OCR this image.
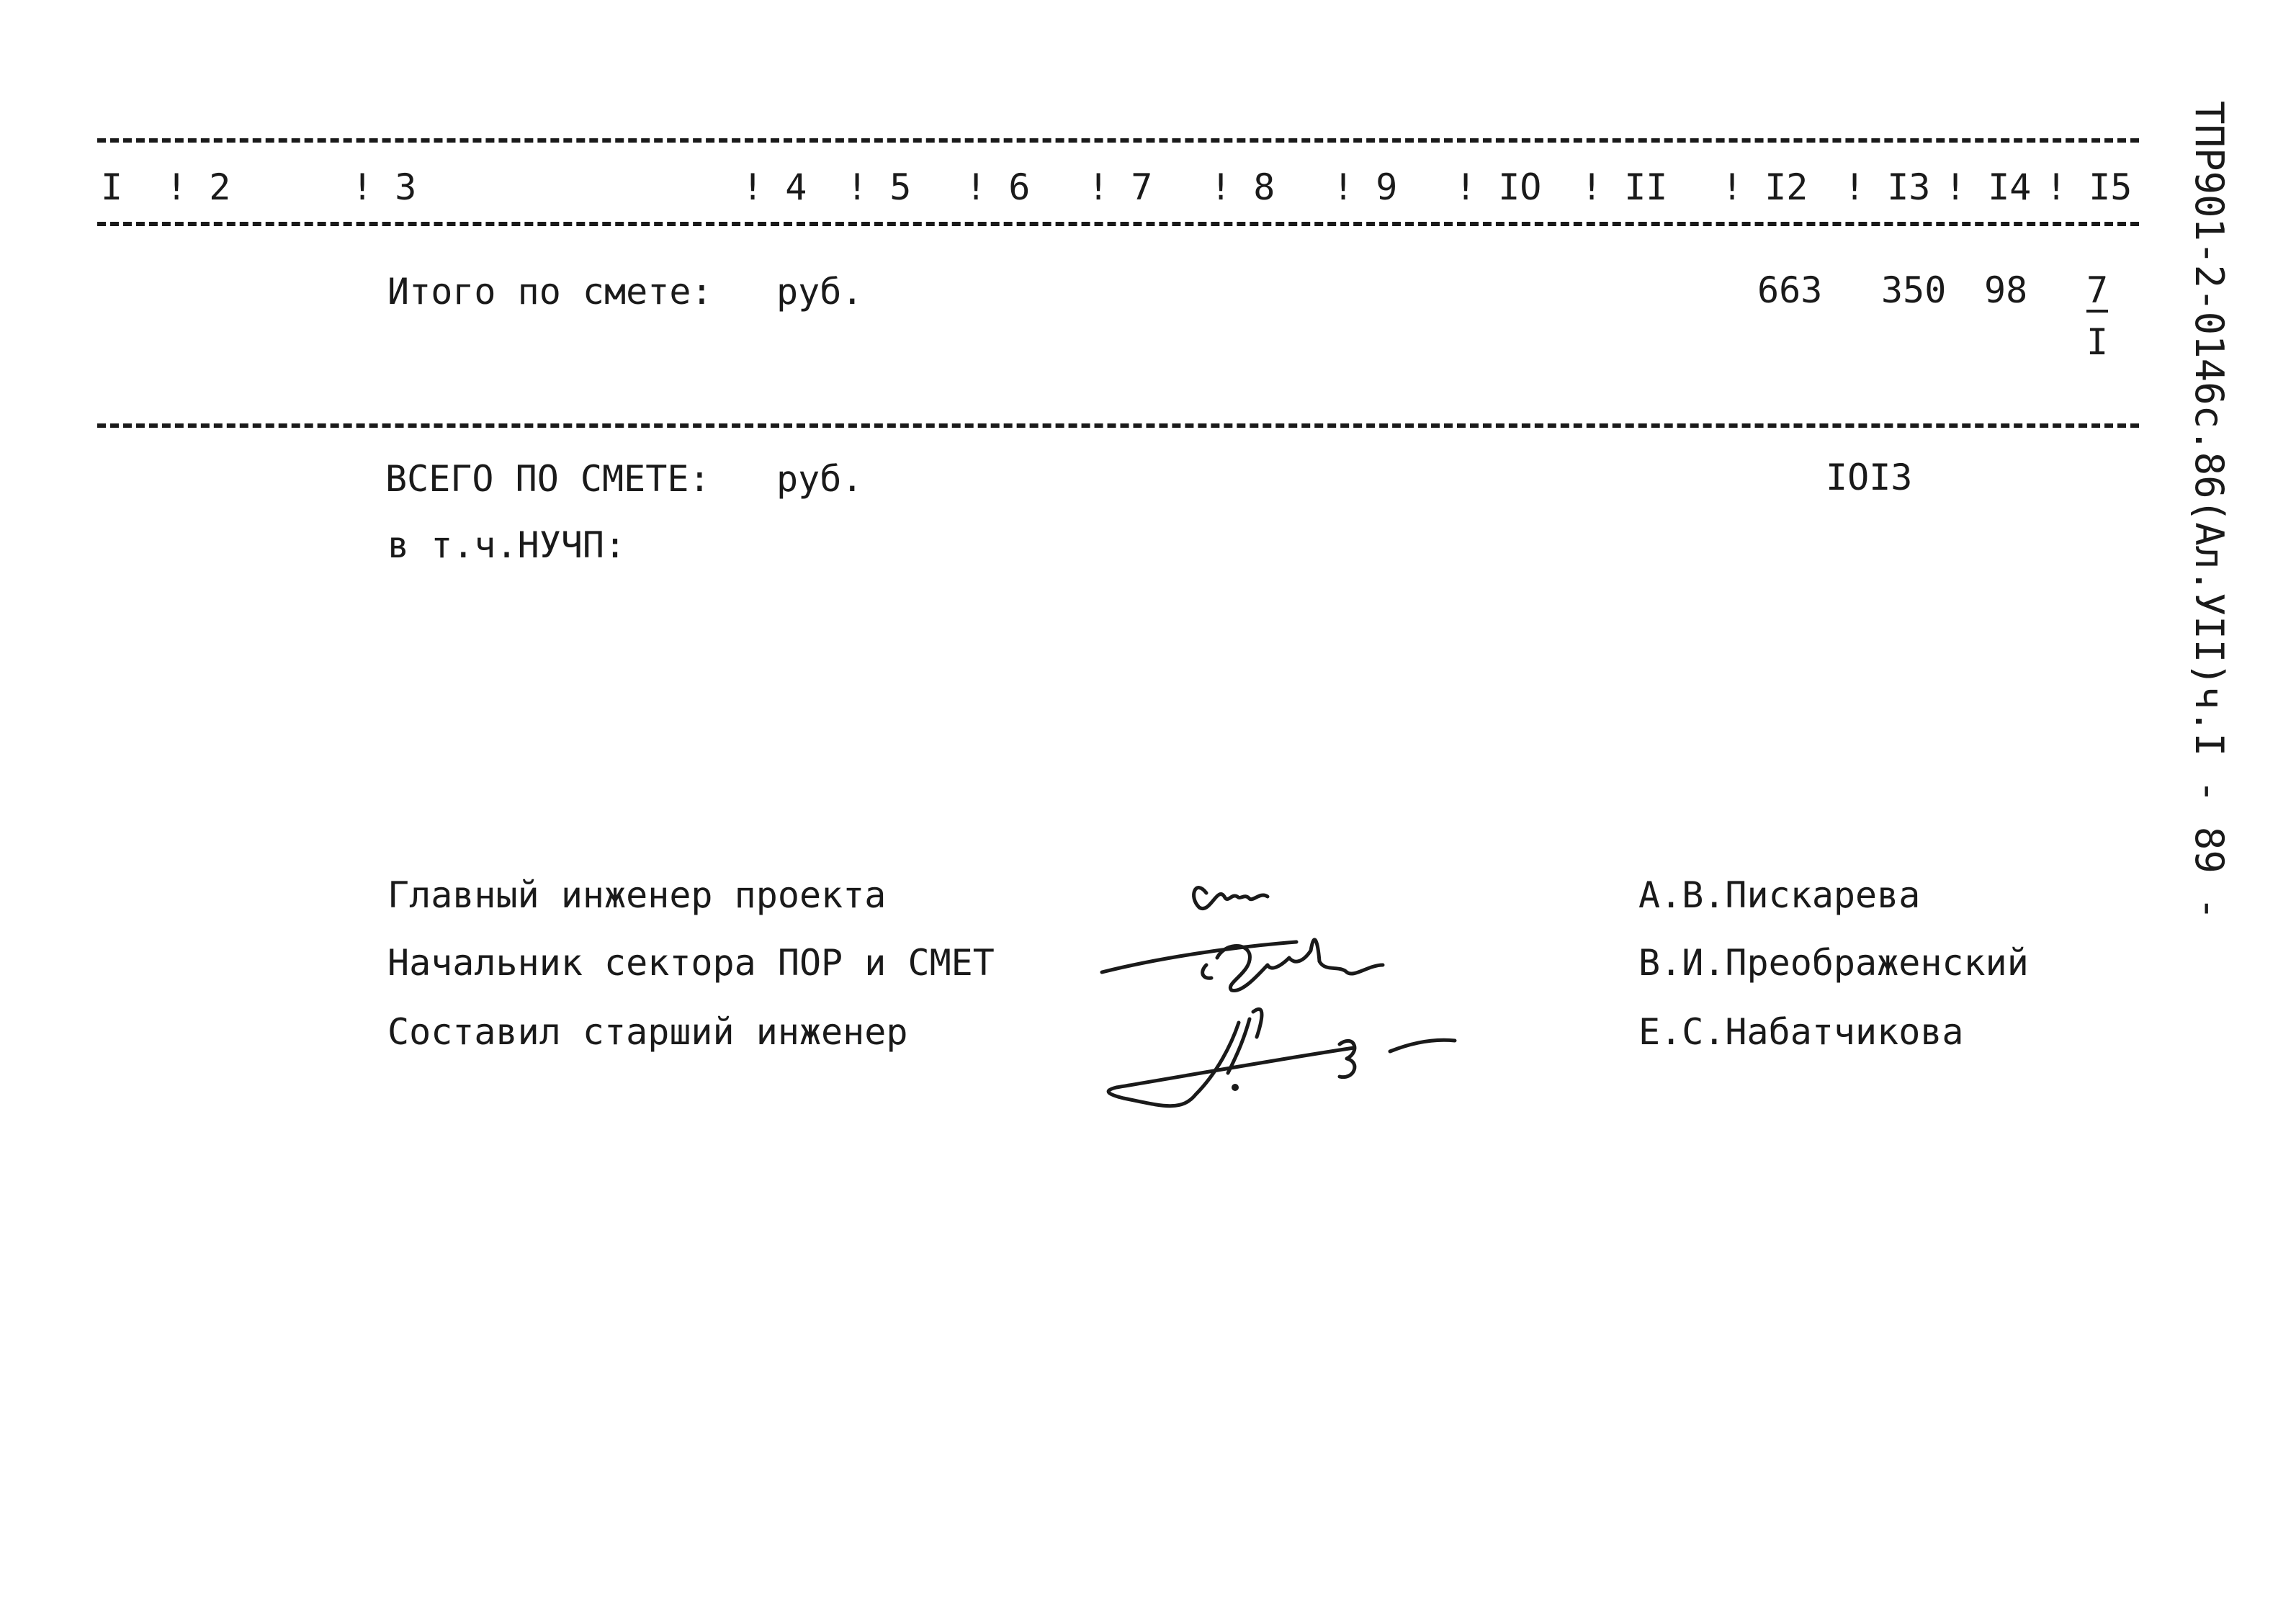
ТПР901-2-0146с.86(Ал.УII)ч.I - 89 -
I ! 2	! 3	! 4 ! 5 ! 6 ! 7 ! 8 ! 9 ! IO ! II ! I2 ! I3 ! I4 ! I5
Итого по смете: руб.	663 350 98 7
I
ВСЕГО ПО СМЕТЕ: руб.	IOI3
в т.ч.НУЧП:
Главный инженер проекта
Начальник сектора ПОР и СМЕТ
Составил старший инженер
А.В.Пискарева
В.И.Преображенский
Е.С.Набатчикова
